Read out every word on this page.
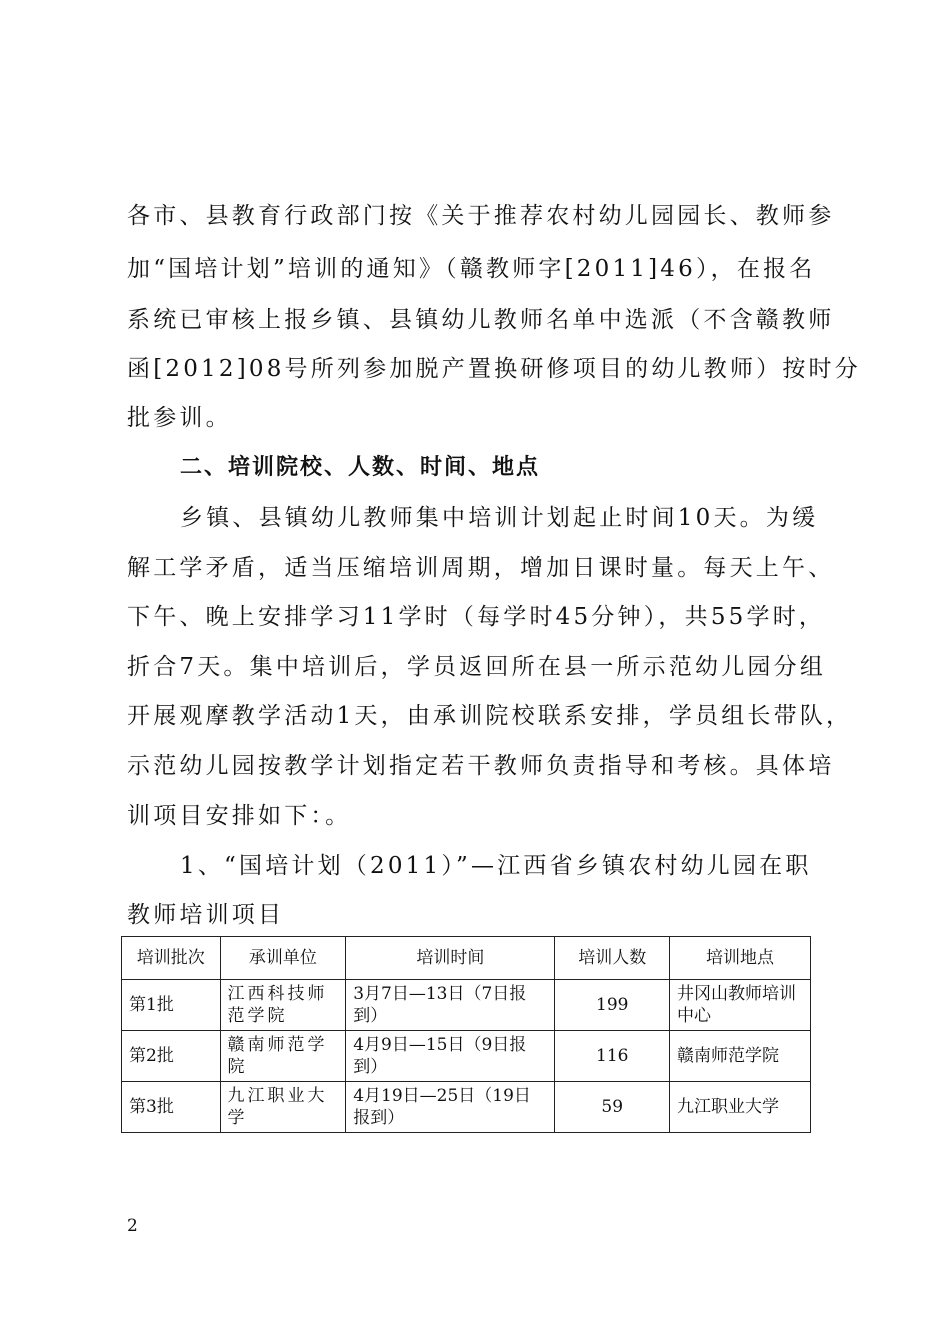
各市、县教育行政部门按《关于推荐农村幼儿园园长、教师参
加“国培计划”培训的通知》（赣教师字[2011]46），在报名
系统已审核上报乡镇、县镇幼儿教师名单中选派（不含赣教师
函[2012]08号所列参加脱产置换研修项目的幼儿教师）按时分
批参训。
二、培训院校、人数、时间、地点
乡镇、县镇幼儿教师集中培训计划起止时间10天。为缓
解工学矛盾，适当压缩培训周期，增加日课时量。每天上午、
下午、晚上安排学习11学时（每学时45分钟），共55学时，
折合7天。集中培训后，学员返回所在县一所示范幼儿园分组
开展观摩教学活动1天，由承训院校联系安排，学员组长带队，
示范幼儿园按教学计划指定若干教师负责指导和考核。具体培
训项目安排如下：。
1、“国培计划（2011）”—江西省乡镇农村幼儿园在职
教师培训项目
培训批次	承训单位	培训时间	培训人数	培训地点
第1批	江西科技师范学院	3月7日—13日（7日报到）	199	井冈山教师培训中心
第2批	赣南师范学院	4月9日—15日（9日报到）	116	赣南师范学院
第3批	九江职业大学	4月19日—25日（19日报到）	59	九江职业大学
2
